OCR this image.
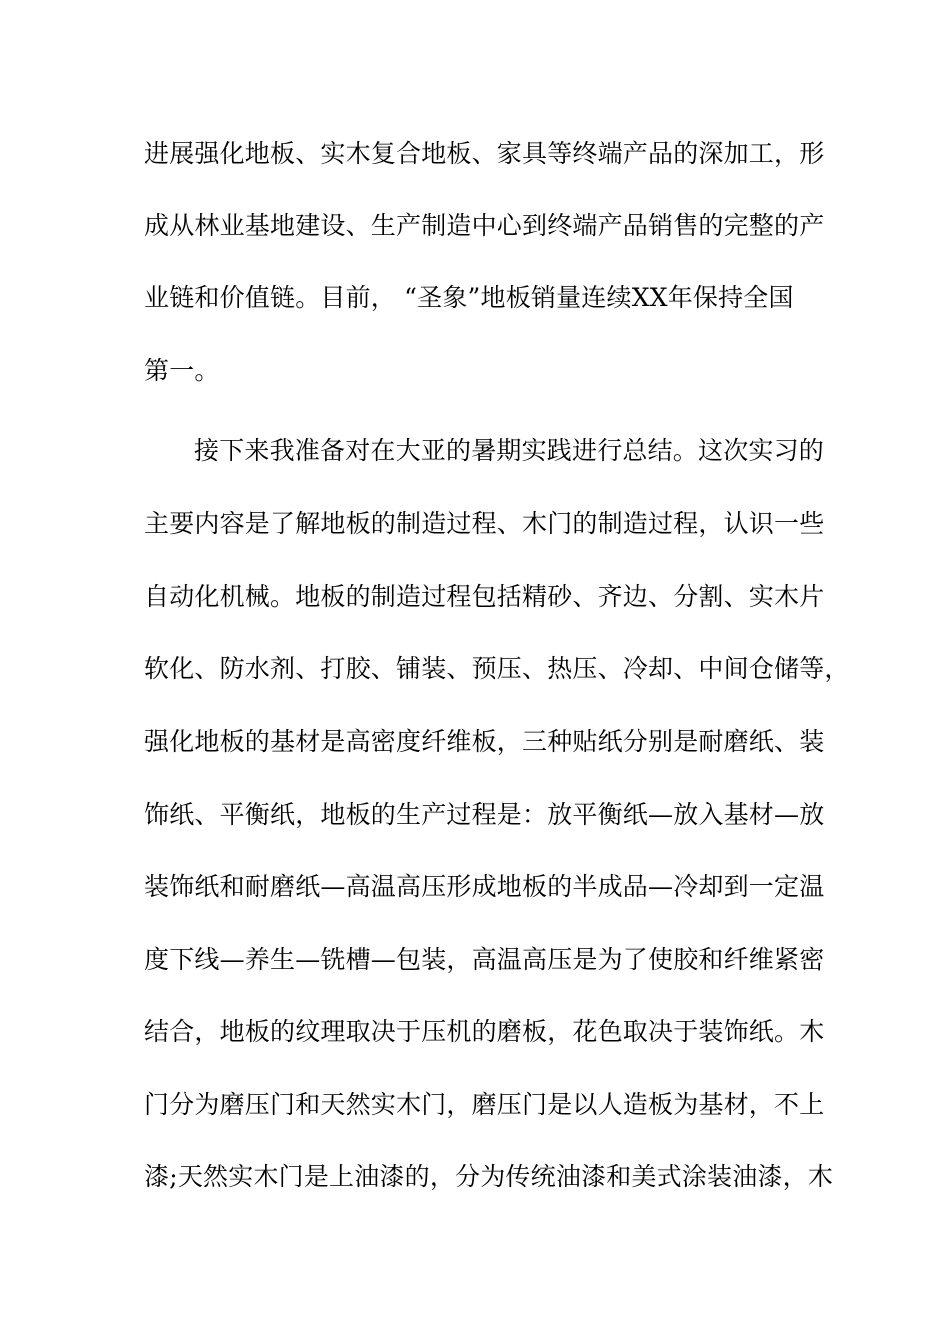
进展强化地板、实木复合地板、家具等终端产品的深加工，形
成从林业基地建设、生产制造中心到终端产品销售的完整的产
业链和价值链。目前， “圣象”地板销量连续XX年保持全国
第一。
接下来我准备对在大亚的暑期实践进行总结。这次实习的
主要内容是了解地板的制造过程、木门的制造过程，认识一些
自动化机械。地板的制造过程包括精砂、齐边、分割、实木片
软化、防水剂、打胶、铺装、预压、热压、冷却、中间仓储等，
强化地板的基材是高密度纤维板，三种贴纸分别是耐磨纸、装
饰纸、平衡纸，地板的生产过程是：放平衡纸—放入基材—放
装饰纸和耐磨纸—高温高压形成地板的半成品—冷却到一定温
度下线—养生—铣槽—包装，高温高压是为了使胶和纤维紧密
结合，地板的纹理取决于压机的磨板，花色取决于装饰纸。木
门分为磨压门和天然实木门，磨压门是以人造板为基材，不上
漆;天然实木门是上油漆的，分为传统油漆和美式涂装油漆，木
